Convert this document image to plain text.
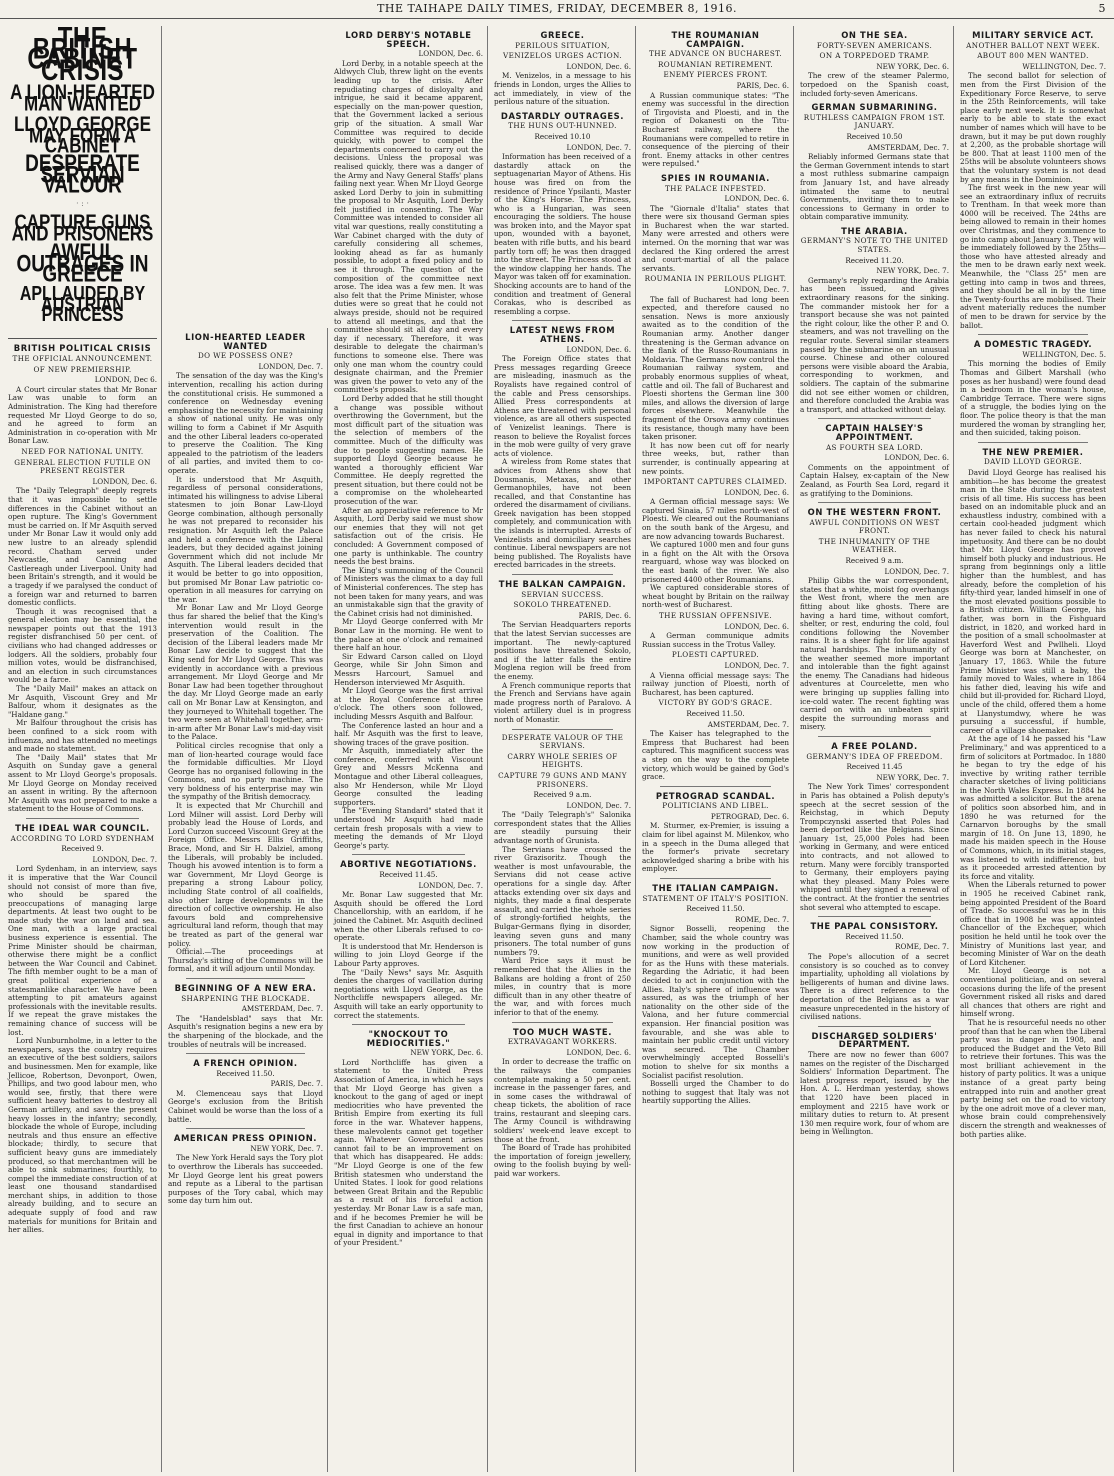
THE TAIHAPE DAILY TIMES, FRIDAY, DECEMBER 8, 1916.	5
THE BRITISH CABINET CRISIS
A LION-HEARTED MAN WANTED
LLOYD GEORGE MAY FORM A CABINET
DESPERATE SERVIAN VALOUR
· : ·
CAPTURE GUNS AND PRISONERS
AWFUL OUTRAGES IN GREECE
APLLAUDED BY AUSTRIAN PRINCESS
BRITISH POLITICAL CRISIS
THE OFFICIAL ANNOUNCEMENT.
OF NEW PREMIERSHIP.
LONDON, Dec 6.

A Court circular states that Mr Bonar Law was unable to form an Administration. The King had therefore requested Mr Lloyd George to do so, and he agreed to form an Administration in co-operation with Mr Bonar Law.

NEED FOR NATIONAL UNITY.
GENERAL ELECTION FUTILE ON PRESENT REGISTER
LONDON, Dec. 6.

The "Daily Telegraph" deeply regrets that it was impossible to settle differences in the Cabinet without an open rupture. The King's Government must be carried on. If Mr Asquith served under Mr Bonar Law it would only add new lustre to an already splendid record. Chatham served under Newcastle, and Canning and Castlereagh under Liverpool. Unity had been Britain's strength, and it would be a tragedy if we paralysed the conduct of a foreign war and returned to barren domestic conflicts.

Though it was recognised that a general election may be essential, the newspaper points out that the 1913 register disfranchised 50 per cent. of civilians who had changed addresses or lodgers. All the soldiers, probably four million votes, would be disfranchised, and an election in such circumstances would be a farce.

The "Daily Mail" makes an attack on Mr Asquith, Viscount Grey and Mr Balfour, whom it designates as the "Haldane gang."

Mr Balfour throughout the crisis has been confined to a sick room with influenza, and has attended no meetings and made no statement.

The "Daily Mail" states that Mr Asquith on Sunday gave a general assent to Mr Lloyd George's proposals. Mr Lloyd George on Monday received an assent in writing. By the afternoon Mr Asquith was not prepared to make a statement to the House of Commons.

THE IDEAL WAR COUNCIL.
ACCORDING TO LORD SYDENHAM
Received 9.
LONDON, Dec. 7.

Lord Sydenham, in an interview, says it is imperative that the War Council should not consist of more than five, who should be spared the preoccupations of managing large departments. At least two ought to be made study the war on land and sea. One man, with a large practical business experience is essential. The Prime Minister should be chairman, otherwise there might be a conflict between the War Council and Cabinet. The fifth member ought to be a man of great political experience of a statesmanlike character. We have been attempting to pit amateurs against professionals with the inevitable results. If we repeat the grave mistakes the remaining chance of success will be lost.

Lord Nunburnholme, in a letter to the newspapers, says the country requires an executive of the best soldiers, sailors and businessmen. Men for example, like Jellicoe, Robertson, Devonport, Owen, Phillips, and two good labour men, who would see, firstly, that there were sufficient heavy batteries to destroy all German artillery, and save the present heavy losses in the infantry; secondly, blockade the whole of Europe, including neutrals and thus ensure an effective blockade; thirdly, to secure that sufficient heavy guns are immediately produced, so that merchantmen will be able to sink submarines; fourthly, to compel the immediate construction of at least one thousand standardised merchant ships, in addition to those already building, and to secure an adequate supply of food and raw materials for munitions for Britain and her allies.

LION-HEARTED LEADER WANTED
DO WE POSSESS ONE?
LONDON, Dec. 7.

The sensation of the day was the King's intervention, recalling his action during the constitutional crisis. He summoned a conference on Wednesday evening emphasising the necessity for maintaining a show of national unity. He was only willing to form a Cabinet if Mr Asquith and the other Liberal leaders co-operated to preserve the Coalition. The King appealed to the patriotism of the leaders of all parties, and invited them to co-operate.

It is understood that Mr Asquith, regardless of personal considerations, intimated his willingness to advise Liberal statesmen to join Bonar Law-Lloyd George combination, although personally he was not prepared to reconsider his resignation. Mr Asquith left the Palace and held a conference with the Liberal leaders, but they decided against joining Government which did not include Mr Asquith. The Liberal leaders decided that it would be better to go into opposition, but promised Mr Bonar Law patriotic co-operation in all measures for carrying on the war.

Mr Bonar Law and Mr Lloyd George thus far shared the belief that the King's intervention would result in the preservation of the Coalition. The decision of the Liberal leaders made Mr Bonar Law decide to suggest that the King send for Mr Lloyd George. This was evidently in accordance with a previous arrangement. Mr Lloyd George and Mr Bonar Law had been together throughout the day. Mr Lloyd George made an early call on Mr Bonar Law at Kensington, and they journeyed to Whitehall together. The two were seen at Whitehall together, arm-in-arm after Mr Bonar Law's mid-day visit to the Palace.

Political circles recognise that only a man of lion-hearted courage would face the formidable difficulties. Mr Lloyd George has no organised following in the Commons, and no party machine. The very boldness of his enterprise may win the sympathy of the British democracy.

It is expected that Mr Churchill and Lord Milner will assist. Lord Derby will probably lead the House of Lords, and Lord Curzon succeed Viscount Grey at the Foreign Office. Messrs Ellis Griffiths, Brace, Mond, and Sir H. Dalziel, among the Liberals, will probably be included. Though his avowed intention is to form a war Government, Mr Lloyd George is preparing a strong Labour policy, including State control of all coalfields, also other large developments in the direction of collective ownership. He also favours bold and comprehensive agricultural land reform, though that may be treated as part of the general war policy.

Official.—The proceedings at Thursday's sitting of the Commons will be formal, and it will adjourn until Monday.

BEGINNING OF A NEW ERA.
SHARPENING THE BLOCKADE.
AMSTERDAM, Dec. 7.

The "Handelsblad" says that Mr. Asquith's resignation begins a new era by the sharpening of the blockade, and the troubles of neutrals will be increased.

A FRENCH OPINION.
Received 11.50.
PARIS, Dec. 7.

M. Clemenceau says that Lloyd George's exclusion from the British Cabinet would be worse than the loss of a battle.

AMERICAN PRESS OPINION.
NEW YORK, Dec. 7.

The New York Herald says the Tory plot to overthrow the Liberals has succeeded. Mr Lloyd George lent his great powers and repute as a Liberal to the partisan purposes of the Tory cabal, which may some day turn him out.

LORD DERBY'S NOTABLE SPEECH.
LONDON, Dec. 6.

Lord Derby, in a notable speech at the Aldwych Club, threw light on the events leading up to the crisis. After repudiating charges of disloyalty and intrigue, he said it became apparent, especially on the man-power question, that the Government lacked a serious grip of the situation. A small War Committee was required to decide quickly, with power to compel the departments concerned to carry out the decisions. Unless the proposal was realised quickly, there was a danger of the Army and Navy General Staffs' plans failing next year. When Mr Lloyd George asked Lord Derby to join in submitting the proposal to Mr Asquith, Lord Derby felt justified in consenting. The War Committee was intended to consider all vital war questions, really constituting a War Cabinet charged with the duty of carefully considering all schemes, looking ahead as far as humanly possible, to adopt a fixed policy and to see it through. The question of the composition of the committee next arose. The idea was a few men. It was also felt that the Prime Minister, whose duties were so great that he could not always preside, should not be required to attend all meetings, and that the committee should sit all day and every day if necessary. Therefore, it was desirable to delegate the chairman's functions to someone else. There was only one man whom the country could designate chairman, and the Premier was given the power to veto any of the committee's proposals.

Lord Derby added that he still thought a change was possible without overthrowing the Government, but the most difficult part of the situation was the selection of members of the committee. Much of the difficulty was due to people suggesting names. He supported Lloyd George because he wanted a thoroughly efficient War Committee. He deeply regretted the present situation, but there could not be a compromise on the wholehearted prosecution of the war.

After an appreciative reference to Mr Asquith, Lord Derby said we must show our enemies that they will not get satisfaction out of the crisis. He concluded: A Government composed of one party is unthinkable. The country needs the best brains.

The King's summoning of the Council of Ministers was the climax to a day full of Ministerial conferences. The step has not been taken for many years, and was an unmistakable sign that the gravity of the Cabinet crisis had not diminished.

Mr Lloyd George conferred with Mr Bonar Law in the morning. He went to the palace at one o'clock and remained there half an hour.

Sir Edward Carson called on Lloyd George, while Sir John Simon and Messrs Harcourt, Samuel and Henderson interviewed Mr Asquith.

Mr Lloyd George was the first arrival at the Royal Conference at three o'clock. The others soon followed, including Messrs Asquith and Balfour.

The Conference lasted an hour and a half. Mr Asquith was the first to leave, showing traces of the grave position.

Mr Asquith, immediately after the conference, conferred with Viscount Grey and Messrs McKenna and Montague and other Liberal colleagues, also Mr Henderson, while Mr Lloyd George consulted the leading supporters.

The "Evening Standard" stated that it understood Mr Asquith had made certain fresh proposals with a view to meeting the demands of Mr Lloyd George's party.

ABORTIVE NEGOTIATIONS.
Received 11.45.
LONDON, Dec. 7.

Mr. Bonar Law suggested that Mr. Asquith should be offered the Lord Chancellorship, with an earldom, if he joined the Cabinet. Mr. Asquith declined when the other Liberals refused to co-operate.

It is understood that Mr. Henderson is willing to join Lloyd George if the Labour Party approves.

The "Daily News" says Mr. Asquith denies the charges of vacillation during negotiations with Lloyd George, as the Northcliffe newspapers alleged. Mr. Asquith will take an early opportunity to correct the statements.

"KNOCKOUT TO MEDIOCRITIES."
NEW YORK, Dec. 6.

Lord Northcliffe has given a statement to the United Press Association of America, in which he says that Mr Lloyd George has given a knockout to the gang of aged or inept mediocrities who have prevented the British Empire from exerting its full force in the war. Whatever happens, these malevolents cannot get together again. Whatever Government arises cannot fail to be an improvement on that which has disappeared. He adds: "Mr Lloyd George is one of the few British statesmen who understand the United States. I look for good relations between Great Britain and the Republic as a result of his forceful action yesterday. Mr Bonar Law is a safe man, and if he becomes Premier he will be the first Canadian to achieve an honour equal in dignity and importance to that of your President."

GREECE.
PERILOUS SITUATION,
VENIZELOS URGES ACTION.
LONDON, Dec. 6.

M. Venizelos, in a message to his friends in London, urges the Allies to act immediately, in view of the perilous nature of the situation.

DASTARDLY OUTRAGES.
THE HUNS OUT-HUNNED.
Received 10.10
LONDON, Dec. 7.

Information has been received of a dastardly attack on the septuagenarian Mayor of Athens. His house was fired on from the residence of Prince Ypsilanti, Master of the King's Horse. The Princess, who is a Hungarian, was seen encouraging the soldiers. The house was broken into, and the Mayor spat upon, wounded with a bayonet, beaten with rifle butts, and his beard partly torn off; he was then dragged into the street. The Princess stood at the window clapping her hands. The Mayor was taken off for examination. Shocking accounts are to hand of the condition and treatment of General Corakas, who is described as resembling a corpse.

LATEST NEWS FROM ATHENS.
LONDON, Dec. 6.

The Foreign Office states that Press messages regarding Greece are misleading, inasmuch as the Royalists have regained control of the cable and Press censorships. Allied Press correspondents at Athens are threatened with personal violence, as are all others suspected of Venizelist leanings. There is reason to believe the Royalist forces in the mob were guilty of very grave acts of violence.

A wireless from Rome states that advices from Athens show that Dousmanis, Metaxas, and other Germanophiles, have not been recalled, and that Constantine has ordered the disarmament of civilians. Greek navigation has been stopped completely, and communication with the islands is interrupted. Arrests of Venizelists and domiciliary searches continue. Liberal newspapers are not being published. The Royalists have erected barricades in the streets.

THE BALKAN CAMPAIGN.
SERVIAN SUCCESS.
SOKOLO THREATENED.
PARIS, Dec. 6.

The Servian Headquarters reports that the latest Servian successes are important. The newly-captured positions have threatened Sokolo, and if the latter falls the entire Moglena region will be freed from the enemy.

A French communique reports that the French and Servians have again made progress north of Paralovo. A violent artillery duel is in progress north of Monastir.

DESPERATE VALOUR OF THE SERVIANS.
CARRY WHOLE SERIES OF HEIGHTS.
CAPTURE 79 GUNS AND MANY PRISONERS.
Received 9 a.m.
LONDON, Dec. 7.

The "Daily Telegraph's" Salonika correspondent states that the Allies are steadily pursuing their advantage north of Grunista.

The Servians have crossed the river Grazisoritz. Though the weather is most unfavourable, the Servians did not cease active operations for a single day. After attacks extending over six days and nights, they made a final desperate assault, and carried the whole series of strongly-fortified heights, the Bulgar-Germans flying in disorder, leaving seven guns and many prisoners. The total number of guns numbers 79.

Ward Price says it must be remembered that the Allies in the Balkans are holding a front of 250 miles, in country that is more difficult than in any other theatre of the war, and with forces much inferior to that of the enemy.

TOO MUCH WASTE.
EXTRAVAGANT WORKERS.
LONDON, Dec. 6.

In order to decrease the traffic on the railways the companies contemplate making a 50 per cent. increase in the passenger fares, and in some cases the withdrawal of cheap tickets, the abolition of race trains, restaurant and sleeping cars. The Army Council is withdrawing soldiers' week-end leave except to those at the front.

The Board of Trade has prohibited the importation of foreign jewellery, owing to the foolish buying by well-paid war workers.

THE ROUMANIAN CAMPAIGN.
THE ADVANCE ON BUCHAREST.
ROUMANIAN RETIREMENT.
ENEMY PIERCES FRONT.
PARIS, Dec. 6.

A Russian communique states: "The enemy was successful in the direction of Tirgovista and Ploesti, and in the region of Dokanesti on the Titu-Bucharest railway, where the Roumanians were compelled to retire in consequence of the piercing of their front. Enemy attacks in other centres were repulsed."

SPIES IN ROUMANIA.
THE PALACE INFESTED.
LONDON, Dec. 6.

The "Giornale d'Italia" states that there were six thousand German spies in Bucharest when the war started. Many were arrested and others were interned. On the morning that war was declared the King ordered the arrest and court-martial of all the palace servants.

ROUMANIA IN PERILOUS PLIGHT.
LONDON, Dec. 7.

The fall of Bucharest had long been expected, and therefore caused no sensation. News is more anxiously awaited as to the condition of the Roumanian army. Another danger threatening is the German advance on the flank of the Russo-Roumanians in Moldavia. The Germans now control the Roumanian railway system, and probably enormous supplies of wheat, cattle and oil. The fall of Bucharest and Ploesti shortens the German line 300 miles, and allows the diversion of large forces elsewhere. Meanwhile the fragment of the Orsova army continues its resistance, though many have been taken prisoner.

It has now been cut off for nearly three weeks, but, rather than surrender, is continually appearing at new points.

IMPORTANT CAPTURES CLAIMED.
LONDON, Dec. 6.

A German official message says: We captured Sinaia, 57 miles north-west of Ploesti. We cleared out the Roumanians on the south bank of the Argesu, and are now advancing towards Bucharest.

We captured 1000 men and four guns in a fight on the Alt with the Orsova rearguard, whose way was blocked on the east bank of the river. We also prisonered 4400 other Roumanians.

We captured considerable stores of wheat bought by Britain on the railway north-west of Bucharest.

THE RUSSIAN OFFENSIVE.
LONDON, Dec. 6.

A German communique admits Russian success in the Trotus Valley.

PLOESTI CAPTURED.
LONDON, Dec. 7.

A Vienna official message says: The railway junction of Ploesti, north of Bucharest, has been captured.

VICTORY BY GOD'S GRACE.
Received 11.50.
AMSTERDAM, Dec. 7.

The Kaiser has telegraphed to the Empress that Bucharest had been captured. This magnificent success was a step on the way to the complete victory, which would be gained by God's grace.

PETROGRAD SCANDAL.
POLITICIANS AND LIBEL.
PETROGRAD, Dec. 6.

M. Sturmer, ex-Premier, is issuing a claim for libel against M. Milenkov, who in a speech in the Duma alleged that the former's private secretary acknowledged sharing a bribe with his employer.

THE ITALIAN CAMPAIGN.
STATEMENT OF ITALY'S POSITION.
Received 11.50.
ROME, Dec. 7.

Signor Bosselli, reopening the Chamber, said the whole country was now working in the production of munitions, and were as well provided for as the Huns with these materials. Regarding the Adriatic, it had been decided to act in conjunction with the Allies. Italy's sphere of influence was assured, as was the triumph of her nationality on the other side of the Valona, and her future commercial expansion. Her financial position was favourable, and she was able to maintain her public credit until victory was secured. The Chamber overwhelmingly accepted Bosselli's motion to shelve for six months a Socialist pacifist resolution.

Bosselli urged the Chamber to do nothing to suggest that Italy was not heartily supporting the Allies.

ON THE SEA.
FORTY-SEVEN AMERICANS.
ON A TORPEDOED TRAMP.
NEW YORK, Dec. 6.

The crew of the steamer Palermo, torpedoed on the Spanish coast, included forty-seven Americans.

GERMAN SUBMARINING.
RUTHLESS CAMPAIGN FROM 1ST. JANUARY.
Received 10.50
AMSTERDAM, Dec. 7.

Reliably informed Germans state that the German Government intends to start a most ruthless submarine campaign from January 1st, and have already intimated the same to neutral Governments, inviting them to make concessions to Germany in order to obtain comparative immunity.

THE ARABIA.
GERMANY'S NOTE TO THE UNITED STATES.
Received 11.20.
NEW YORK, Dec. 7.

Germany's reply regarding the Arabia has been issued, and gives extraordinary reasons for the sinking. The commander mistook her for a transport because she was not painted the right colour, like the other P. and O. steamers, and was not travelling on the regular route. Several similar steamers passed by the submarine on an unusual course. Chinese and other coloured persons were visible aboard the Arabia, corresponding to workmen, and soldiers. The captain of the submarine did not see either women or children, and therefore concluded the Arabia was a transport, and attacked without delay.

CAPTAIN HALSEY'S APPOINTMENT.
AS FOURTH SEA LORD.
LONDON, Dec. 6.

Comments on the appointment of Captain Halsey, ex-captain of the New Zealand, as Fourth Sea Lord, regard it as gratifying to the Dominions.

ON THE WESTERN FRONT.
AWFUL CONDITIONS ON WEST FRONT.
THE INHUMANITY OF THE WEATHER.
Received 9 a.m.
LONDON, Dec. 7.

Philip Gibbs the war correspondent, states that a white, moist fog overhangs the West front, where the men are fitting about like ghosts. There are having a hard time, without comfort, shelter, or rest, enduring the cold, foul conditions following the November rains. It is a sheer fight for life against natural hardships. The inhumanity of the weather seemed more important and intolerable than the fight against the enemy. The Canadians had hideous adventures at Courcelette, men who were bringing up supplies falling into ice-cold water. The recent fighting was carried on with an unbeaten spirit despite the surrounding morass and misery.

A FREE POLAND.
GERMANY'S IDEA OF FREEDOM.
Received 11.45
NEW YORK, Dec. 7.

The New York Times' correspondent in Paris has obtained a Polish deputy's speech at the secret session of the Reichstag, in which Deputy Trompczynski asserted that Poles had been deported like the Belgians. Since January 1st, 25,000 Poles had been working in Germany, and were enticed into contracts, and not allowed to return. Many were forcibly transported to Germany, their employers paying what they pleased. Many Poles were whipped until they signed a renewal of the contract. At the frontier the sentries shot several who attempted to escape.

THE PAPAL CONSISTORY.
Received 11.50.
ROME, Dec. 7.

The Pope's allocution of a secret consistory is so couched as to convey impartiality, upholding all violations by belligerents of human and divine laws. There is a direct reference to the deportation of the Belgians as a war measure unprecedented in the history of civilised nations.

DISCHARGED SOLDIERS' DEPARTMENT.

There are now no fewer than 6007 names on the register of the Discharged Soldiers' Information Department. The latest progress report, issued by the Hon. A. L. Herdman yesterday, shows that 1220 have been placed in employment and 2215 have work or military duties to return to. At present 130 men require work, four of whom are being in Wellington.

MILITARY SERVICE ACT.
ANOTHER BALLOT NEXT WEEK.
ABOUT 800 MEN WANTED.
WELLINGTON, Dec. 7.

The second ballot for selection of men from the First Division of the Expeditionary Force Reserve, to serve in the 25th Reinforcements, will take place early next week. It is somewhat early to be able to state the exact number of names which will have to be drawn, but it may be put down roughly at 2,200, as the probable shortage will be 800. That at least 1100 men of the 25ths will be absolute volunteers shows that the voluntary system is not dead by any means in the Dominion.

The first week in the new year will see an extraordinary influx of recruits to Trentham. In that week more than 4000 will be received. The 24ths are being allowed to remain in their homes over Christmas, and they commence to go into camp about January 3. They will be immediately followed by the 25ths—those who have attested already and the men to be drawn early next week. Meanwhile, the "Class 25" men are getting into camp in twos and threes, and they should be all in by the time the Twenty-fourths are mobilised. Their advent materially reduces the number of men to be drawn for service by the ballot.

A DOMESTIC TRAGEDY.
WELLINGTON, Dec. 5.

This morning the bodies of Emily Thomas and Gilbert Marshall (who poses as her husband) were found dead in a bedroom in the woman's house, Cambridge Terrace. There were signs of a struggle, the bodies lying on the floor. The police theory is that the man murdered the woman by strangling her, and then suicided, taking poison.

THE NEW PREMIER.
DAVID LLOYD GEORGE.

David Lloyd George has realised his ambition—he has become the greatest man in the State during the greatest crisis of all time. His success has been based on an indomitable pluck and an exhaustless industry, combined with a certain cool-headed judgment which has never failed to check his natural impetuosity. And there can be no doubt that Mr. Lloyd George has proved himself both plucky and industrious. He sprang from beginnings only a little higher than the humblest, and has already, before the completion of his fifty-third year, landed himself in one of the most elevated positions possible to a British citizen. William George, his father, was born in the Fishguard district, in 1820, and worked hard in the position of a small schoolmaster at Haverford West and Pwllheli. Lloyd George was born at Manchester, on January 17, 1863. While the future Prime Minister was still a baby, the family moved to Wales, where in 1864 his father died, leaving his wife and child but ill-provided for. Richard Lloyd, uncle of the child, offered them a home at Llanystumdwy, where he was pursuing a successful, if humble, career of a village shoemaker.

At the age of 14 he passed his "Law Preliminary," and was apprenticed to a firm of solicitors at Portmadoc. In 1880 he began to try the edge of his invective by writing rather terrible character sketches of living politicians in the North Wales Express. In 1884 he was admitted a solicitor. But the arena of politics soon absorbed him, and in 1890 he was returned for the Carnarvon boroughs by the small margin of 18. On June 13, 1890, he made his maiden speech in the House of Commons, which, in its initial stages, was listened to with indifference, but as it proceeded arrested attention by its force and vitality.

When the Liberals returned to power in 1905 he received Cabinet rank, being appointed President of the Board of Trade. So successful was he in this office that in 1908 he was appointed Chancellor of the Exchequer, which position he held until he took over the Ministry of Munitions last year, and becoming Minister of War on the death of Lord Kitchener.

Mr. Lloyd George is not a conventional politician, and on several occasions during the life of the present Government risked all risks and dared all chances that others are right and himself wrong.

That he is resourceful needs no other proof than that he can when the Liberal party was in danger in 1908, and produced the Budget and the Veto Bill to retrieve their fortunes. This was the most brilliant achievement in the history of party politics. It was a unique instance of a great party being entrapped into ruin and another great party being set on the road to victory by the one adroit move of a clever man, whose brain could comprehensively discern the strength and weaknesses of both parties alike.
